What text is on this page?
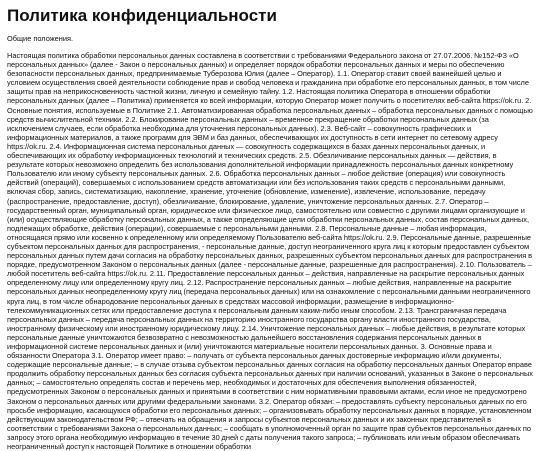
Политика конфиденциальности

Общие положения.

Настоящая политика обработки персональных данных составлена в соответствии с требованиями Федерального закона от 27.07.2006. №152-ФЗ «О персональных данных» (далее - Закон о персональных данных) и определяет порядок обработки персональных данных и меры по обеспечению безопасности персональных данных, предпринимаемые Туберозова Юлия (далее – Оператор). 1.1. Оператор ставит своей важнейшей целью и условием осуществления своей деятельности соблюдение прав и свобод человека и гражданина при обработке его персональных данных, в том числе защиты прав на неприкосновенность частной жизни, личную и семейную тайну. 1.2. Настоящая политика Оператора в отношении обработки персональных данных (далее – Политика) применяется ко всей информации, которую Оператор может получить о посетителях веб-сайта https://ok.ru. 2. Основные понятия, используемые в Политике 2.1. Автоматизированная обработка персональных данных – обработка персональных данных с помощью средств вычислительной техники. 2.2. Блокирование персональных данных – временное прекращение обработки персональных данных (за исключением случаев, если обработка необходима для уточнения персональных данных). 2.3. Веб-сайт – совокупность графических и информационных материалов, а также программ для ЭВМ и баз данных, обеспечивающих их доступность в сети интернет по сетевому адресу https://ok.ru. 2.4. Информационная система персональных данных — совокупность содержащихся в базах данных персональных данных, и обеспечивающих их обработку информационных технологий и технических средств. 2.5. Обезличивание персональных данных — действия, в результате которых невозможно определить без использования дополнительной информации принадлежность персональных данных конкретному Пользователю или иному субъекту персональных данных. 2.6. Обработка персональных данных – любое действие (операция) или совокупность действий (операций), совершаемых с использованием средств автоматизации или без использования таких средств с персональными данными, включая сбор, запись, систематизацию, накопление, хранение, уточнение (обновление, изменение), извлечение, использование, передачу (распространение, предоставление, доступ), обезличивание, блокирование, удаление, уничтожение персональных данных. 2.7. Оператор – государственный орган, муниципальный орган, юридическое или физическое лицо, самостоятельно или совместно с другими лицами организующие и (или) осуществляющие обработку персональных данных, а также определяющие цели обработки персональных данных, состав персональных данных, подлежащих обработке, действия (операции), совершаемые с персональными данными. 2.8. Персональные данные – любая информация, относящаяся прямо или косвенно к определенному или определяемому Пользователю веб-сайта https://ok.ru. 2.9. Персональные данные, разрешенные субъектом персональных данных для распространения, - персональные данные, доступ неограниченного круга лиц к которым предоставлен субъектом персональных данных путем дачи согласия на обработку персональных данных, разрешенных субъектом персональных данных для распространения в порядке, предусмотренном Законом о персональных данных (далее - персональные данные, разрешенные для распространения). 2.10. Пользователь – любой посетитель веб-сайта https://ok.ru. 2.11. Предоставление персональных данных – действия, направленные на раскрытие персональных данных определенному лицу или определенному кругу лиц. 2.12. Распространение персональных данных – любые действия, направленные на раскрытие персональных данных неопределенному кругу лиц (передача персональных данных) или на ознакомление с персональными данными неограниченного круга лиц, в том числе обнародование персональных данных в средствах массовой информации, размещение в информационно-телекоммуникационных сетях или предоставление доступа к персональным данным каким-либо иным способом. 2.13. Трансграничная передача персональных данных – передача персональных данных на территорию иностранного государства органу власти иностранного государства, иностранному физическому или иностранному юридическому лицу. 2.14. Уничтожение персональных данных – любые действия, в результате которых персональные данные уничтожаются безвозвратно с невозможностью дальнейшего восстановления содержания персональных данных в информационной системе персональных данных и (или) уничтожаются материальные носители персональных данных. 3. Основные права и обязанности Оператора 3.1. Оператор имеет право: – получать от субъекта персональных данных достоверные информацию и/или документы, содержащие персональные данные; – в случае отзыва субъектом персональных данных согласия на обработку персональных данных Оператор вправе продолжить обработку персональных данных без согласия субъекта персональных данных при наличии оснований, указанных в Законе о персональных данных; – самостоятельно определять состав и перечень мер, необходимых и достаточных для обеспечения выполнения обязанностей, предусмотренных Законом о персональных данных и принятыми в соответствии с ним нормативными правовыми актами, если иное не предусмотрено Законом о персональных данных или другими федеральными законами. 3.2. Оператор обязан: – предоставлять субъекту персональных данных по его просьбе информацию, касающуюся обработки его персональных данных; – организовывать обработку персональных данных в порядке, установленном действующим законодательством РФ; – отвечать на обращения и запросы субъектов персональных данных и их законных представителей в соответствии с требованиями Закона о персональных данных; – сообщать в уполномоченный орган по защите прав субъектов персональных данных по запросу этого органа необходимую информацию в течение 30 дней с даты получения такого запроса; – публиковать или иным образом обеспечивать неограниченный доступ к настоящей Политике в отношении обработки
